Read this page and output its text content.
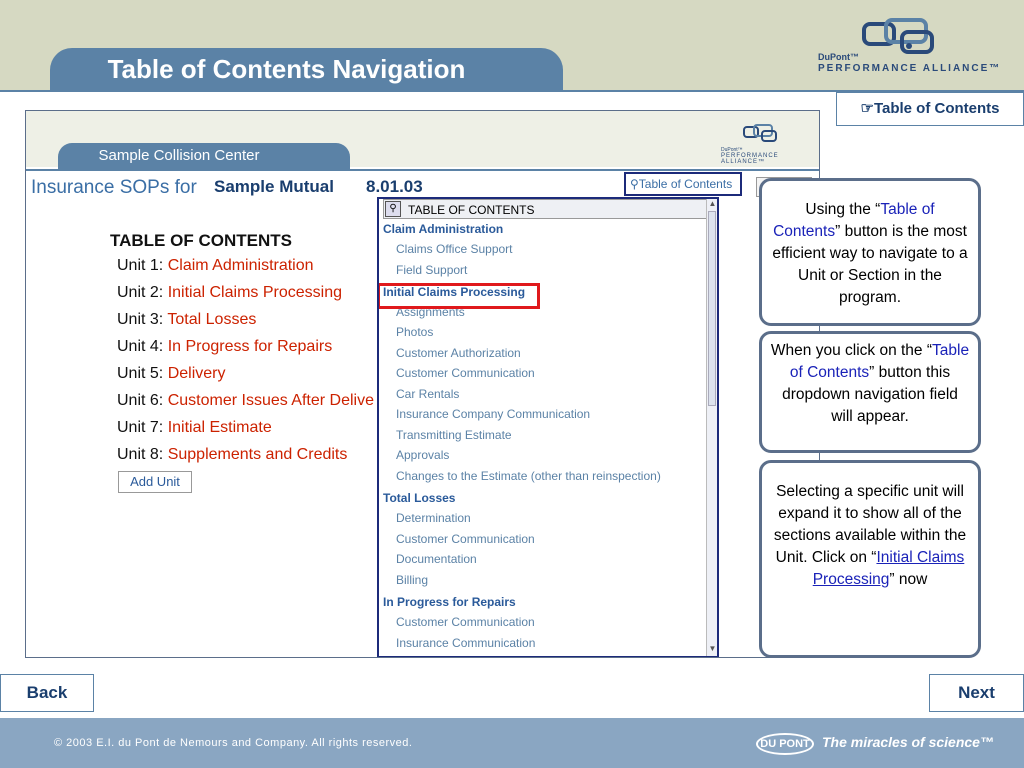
Table of Contents Navigation	DuPont™
PERFORMANCE ALLIANCE™
☞Table of Contents
Sample Collision Center	DuPont™
PERFORMANCE ALLIANCE™
Insurance SOPs for Sample Mutual 8.01.03
TABLE OF CONTENTS
Unit 1: Claim Administration
Unit 2: Initial Claims Processing
Unit 3: Total Losses
Unit 4: In Progress for Repairs
Unit 5: Delivery
Unit 6: Customer Issues After Delive
Unit 7: Initial Estimate
Unit 8: Supplements and Credits
Add Unit
⚲Table of Contents
TABLE OF CONTENTS
⚲
Claim Administration
Claims Office Support
Field Support
Initial Claims Processing
Assignments
Photos
Customer Authorization
Customer Communication
Car Rentals
Insurance Company Communication
Transmitting Estimate
Approvals
Changes to the Estimate (other than reinspection)
Total Losses
Determination
Customer Communication
Documentation
Billing
In Progress for Repairs
Customer Communication
Insurance Communication
▲
▼
Using the “Table of Contents” button is the most efficient way to navigate to a Unit or Section in the program.
When you click on the “Table of Contents” button this dropdown navigation field will appear.
Selecting a specific unit will expand it to show all of the sections available within the Unit. Click on “Initial Claims Processing” now
Back	Next
© 2003 E.I. du Pont de Nemours and Company. All rights reserved.	DU PONT The miracles of science™
